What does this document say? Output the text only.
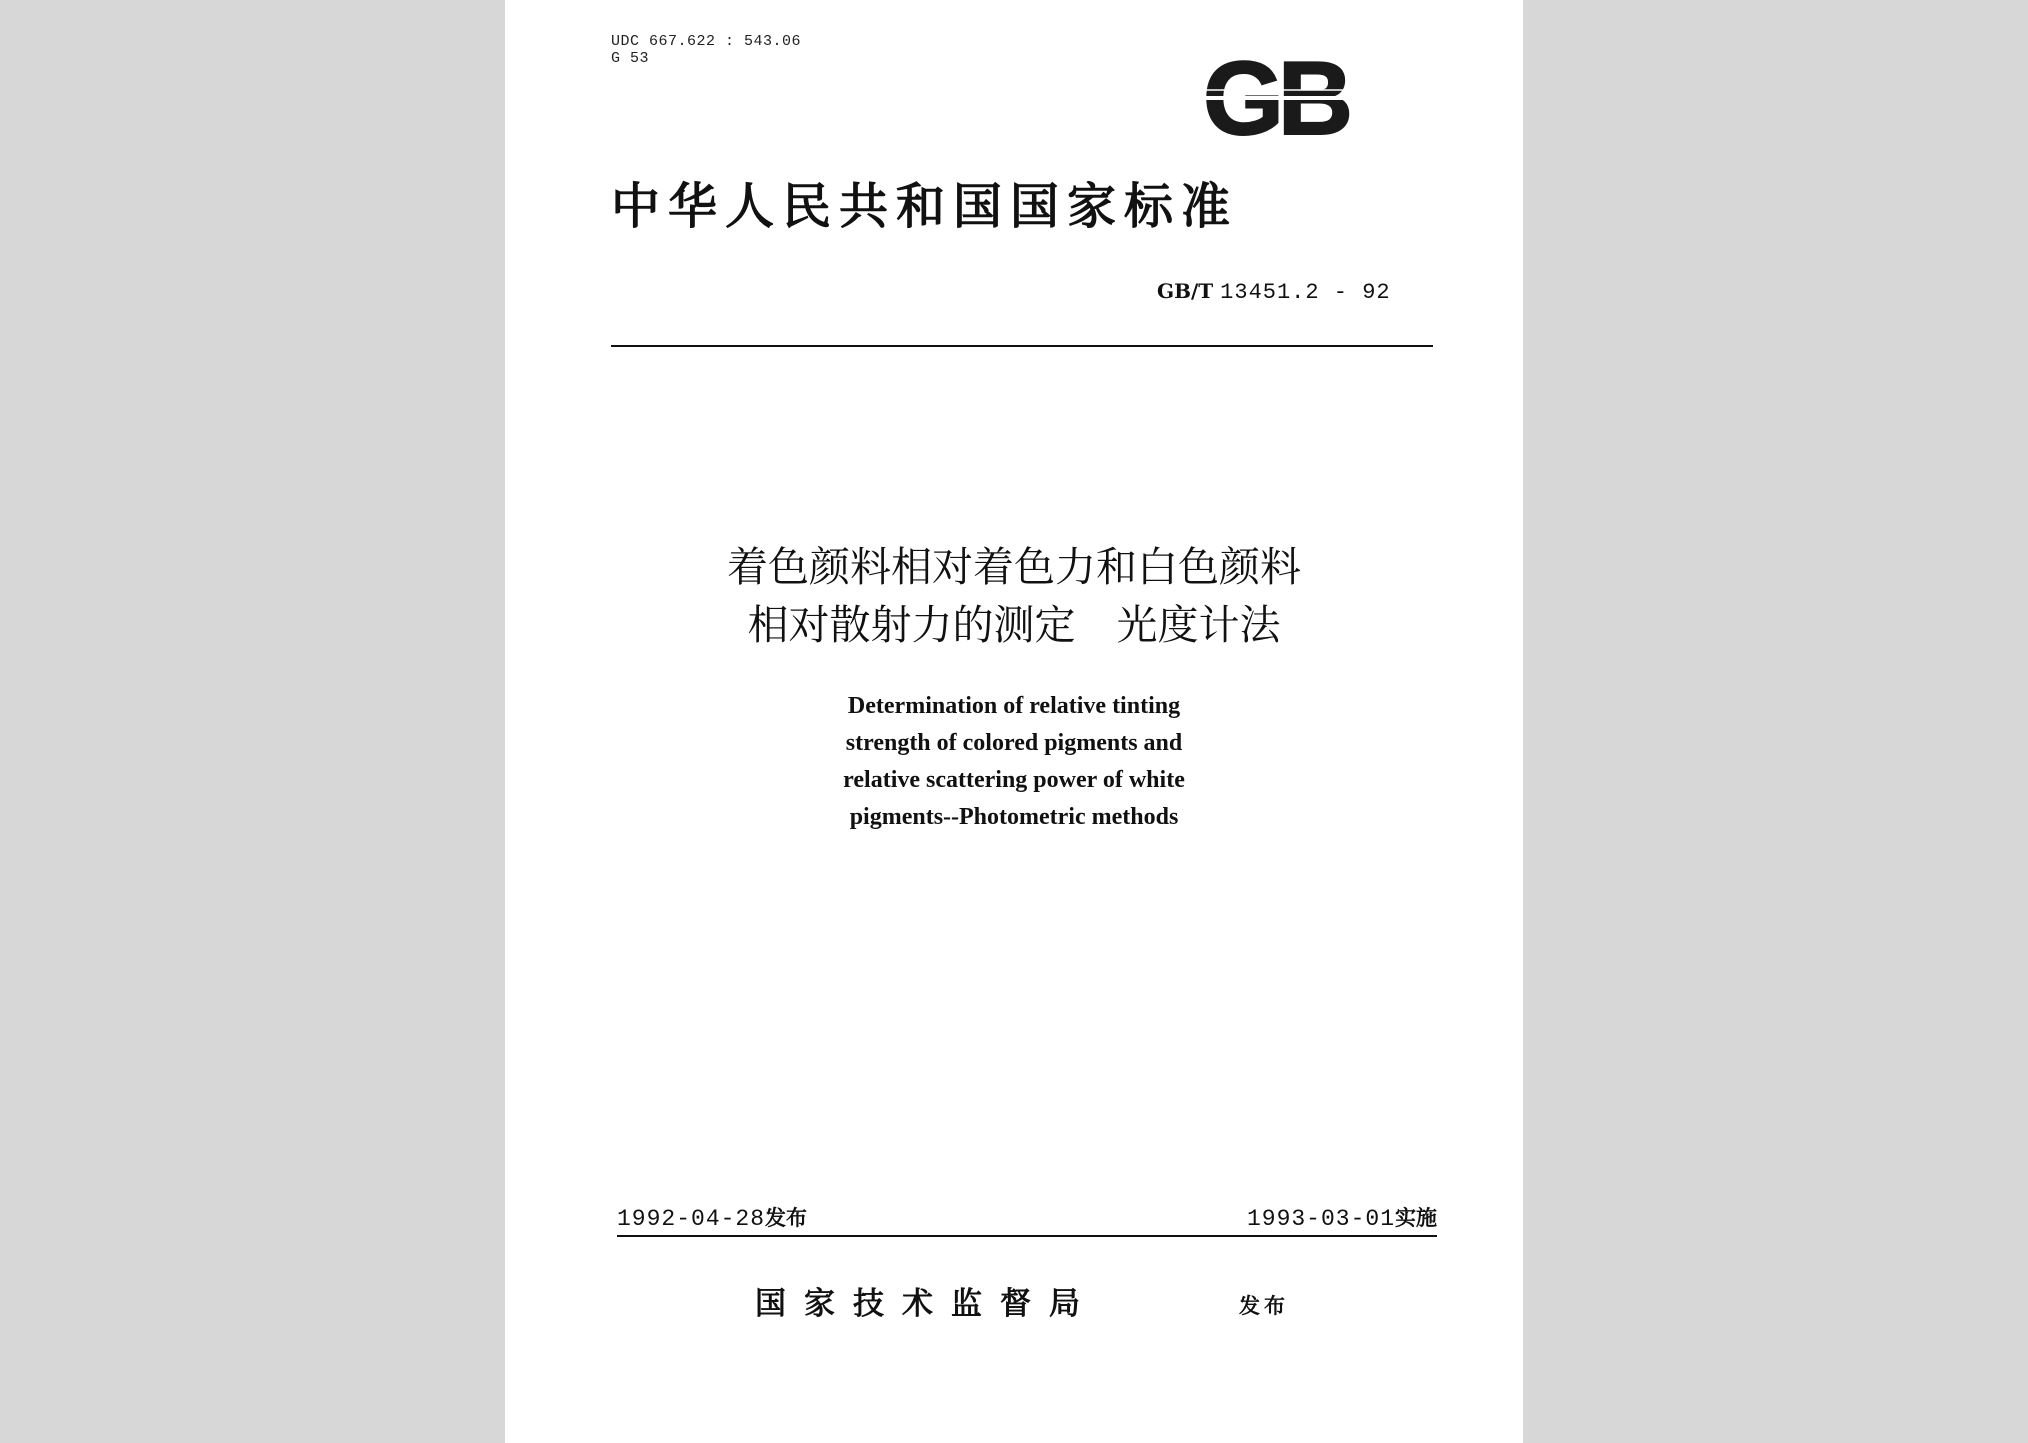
UDC 667.622 : 543.06
G 53	GB
中华人民共和国国家标准
GB/T 13451.2 - 92
着色颜料相对着色力和白色颜料
相对散射力的测定　光度计法
Determination of relative tinting
strength of colored pigments and
relative scattering power of white
pigments--Photometric methods
1992-04-28发布	1993-03-01实施
国家技术监督局	发布
